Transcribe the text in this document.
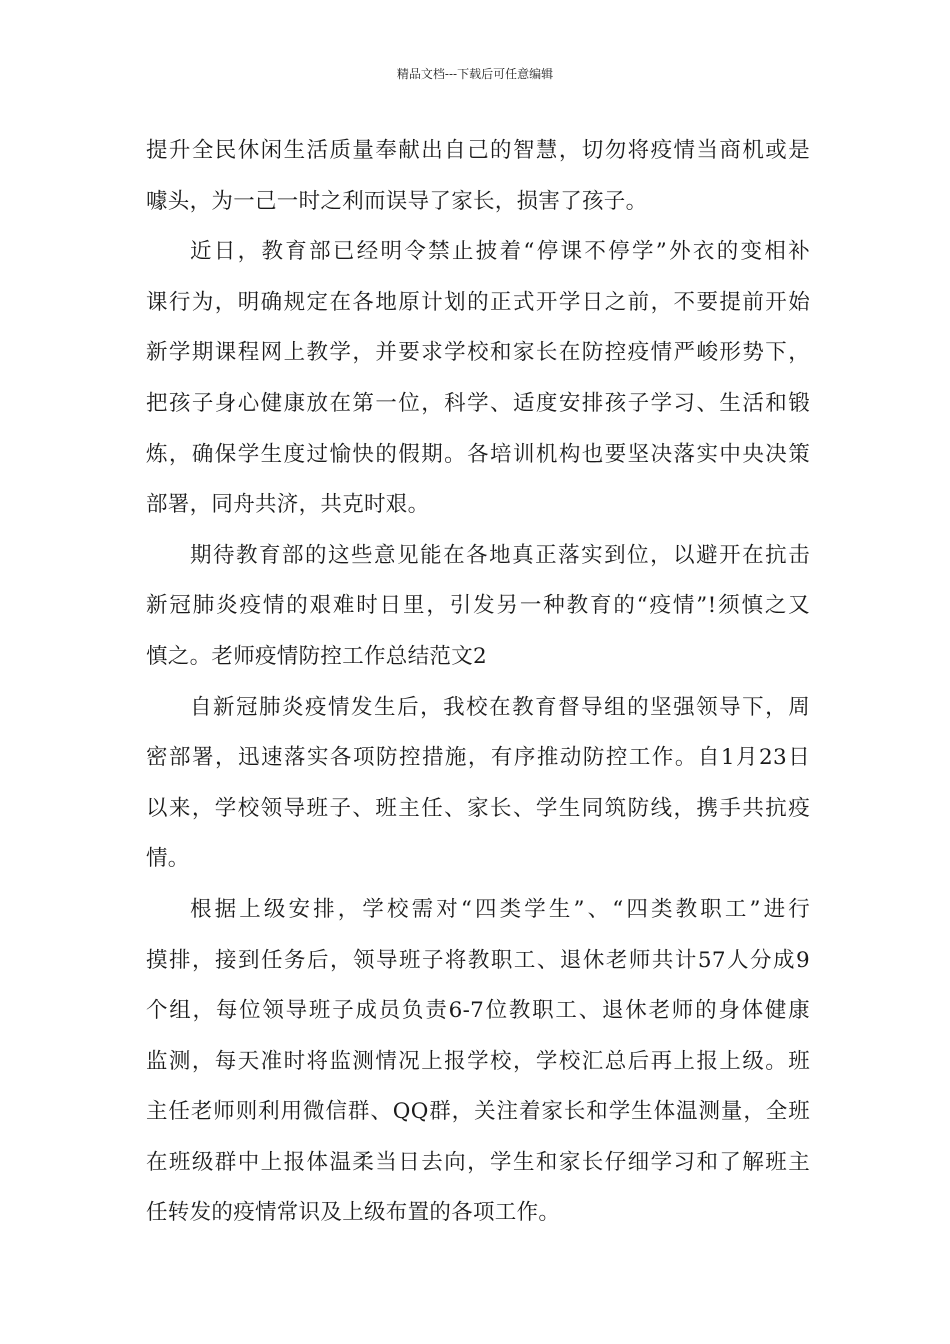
精品文档---下载后可任意编辑
提升全民休闲生活质量奉献出自己的智慧，切勿将疫情当商机或是
噱头，为一己一时之利而误导了家长，损害了孩子。
近日，教育部已经明令禁止披着“停课不停学”外衣的变相补
课行为，明确规定在各地原计划的正式开学日之前，不要提前开始
新学期课程网上教学，并要求学校和家长在防控疫情严峻形势下，
把孩子身心健康放在第一位，科学、适度安排孩子学习、生活和锻
炼，确保学生度过愉快的假期。各培训机构也要坚决落实中央决策
部署，同舟共济，共克时艰。
期待教育部的这些意见能在各地真正落实到位，以避开在抗击
新冠肺炎疫情的艰难时日里，引发另一种教育的“疫情”!须慎之又
慎之。老师疫情防控工作总结范文2
自新冠肺炎疫情发生后，我校在教育督导组的坚强领导下，周
密部署，迅速落实各项防控措施，有序推动防控工作。自1月23日
以来，学校领导班子、班主任、家长、学生同筑防线，携手共抗疫
情。
根据上级安排，学校需对“四类学生”、“四类教职工”进行
摸排，接到任务后，领导班子将教职工、退休老师共计57人分成9
个组，每位领导班子成员负责6-7位教职工、退休老师的身体健康
监测，每天准时将监测情况上报学校，学校汇总后再上报上级。班
主任老师则利用微信群、QQ群，关注着家长和学生体温测量，全班
在班级群中上报体温柔当日去向，学生和家长仔细学习和了解班主
任转发的疫情常识及上级布置的各项工作。
